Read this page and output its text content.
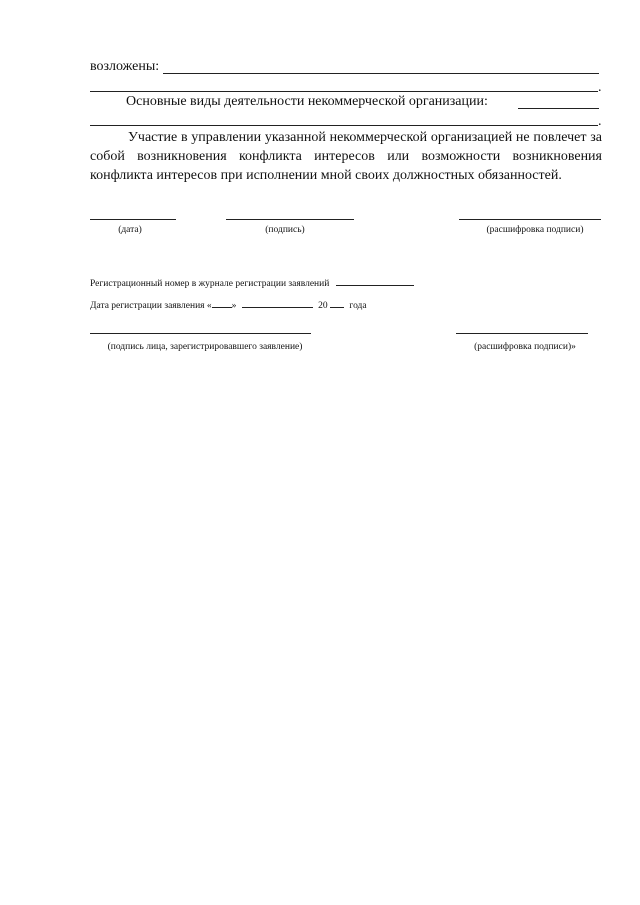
возложены:
.
Основные виды деятельности некоммерческой организации:
.
Участие в управлении указанной некоммерческой организацией не повлечет за собой возникновения конфликта интересов или возможности возникновения конфликта интересов при исполнении мной своих должностных обязанностей.
(дата)	(подпись)	(расшифровка подписи)
Регистрационный номер в журнале регистрации заявлений
Дата регистрации заявления « »	20 года
(подпись лица, зарегистрировавшего заявление)	(расшифровка подписи)»
